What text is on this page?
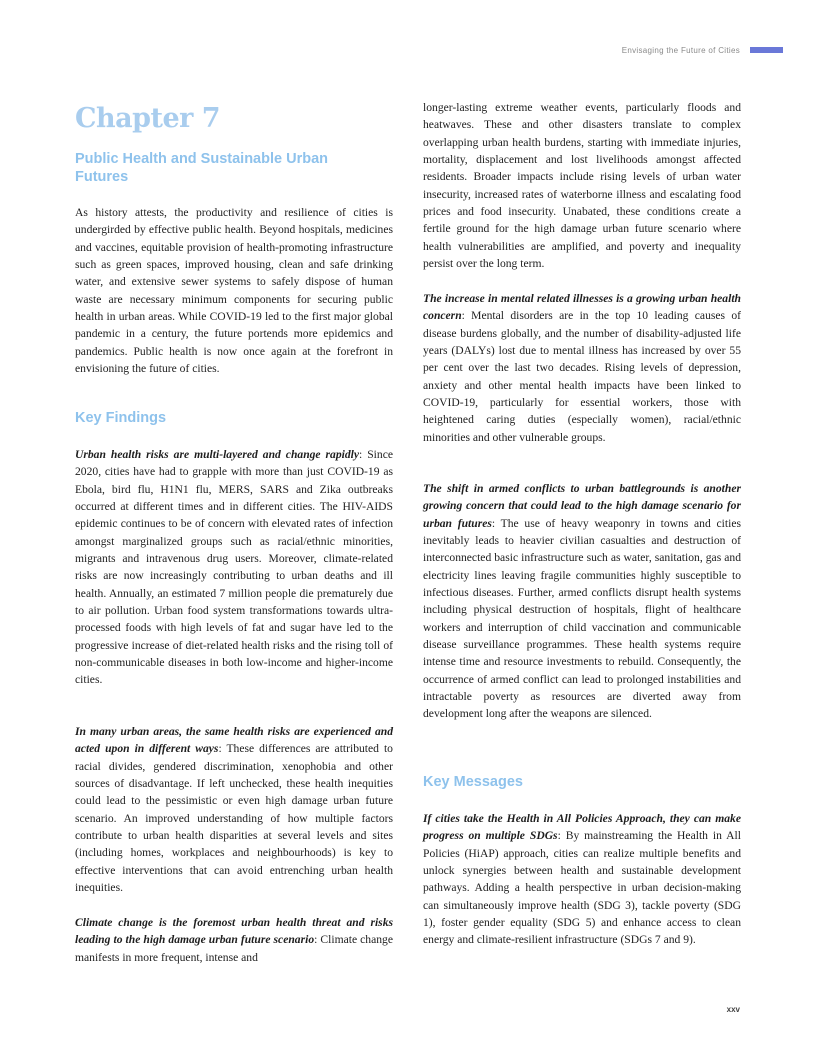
Envisaging the Future of Cities
Chapter 7
Public Health and Sustainable Urban Futures

As history attests, the productivity and resilience of cities is undergirded by effective public health. Beyond hospitals, medicines and vaccines, equitable provision of health-promoting infrastructure such as green spaces, improved housing, clean and safe drinking water, and extensive sewer systems to safely dispose of human waste are necessary minimum components for securing public health in urban areas. While COVID-19 led to the first major global pandemic in a century, the future portends more epidemics and pandemics. Public health is now once again at the forefront in envisioning the future of cities.

Key Findings

Urban health risks are multi-layered and change rapidly: Since 2020, cities have had to grapple with more than just COVID-19 as Ebola, bird flu, H1N1 flu, MERS, SARS and Zika outbreaks occurred at different times and in different cities. The HIV-AIDS epidemic continues to be of concern with elevated rates of infection amongst marginalized groups such as racial/ethnic minorities, migrants and intravenous drug users. Moreover, climate-related risks are now increasingly contributing to urban deaths and ill health. Annually, an estimated 7 million people die prematurely due to air pollution. Urban food system transformations towards ultra-processed foods with high levels of fat and sugar have led to the progressive increase of diet-related health risks and the rising toll of non-communicable diseases in both low-income and higher-income cities.

In many urban areas, the same health risks are experienced and acted upon in different ways: These differences are attributed to racial divides, gendered discrimination, xenophobia and other sources of disadvantage. If left unchecked, these health inequities could lead to the pessimistic or even high damage urban future scenario. An improved understanding of how multiple factors contribute to urban health disparities at several levels and sites (including homes, workplaces and neighbourhoods) is key to effective interventions that can avoid entrenching urban health inequities.

Climate change is the foremost urban health threat and risks leading to the high damage urban future scenario: Climate change manifests in more frequent, intense and

The increase in mental related illnesses is a growing urban health concern: Mental disorders are in the top 10 leading causes of disease burdens globally, and the number of disability-adjusted life years (DALYs) lost due to mental illness has increased by over 55 per cent over the last two decades. Rising levels of depression, anxiety and other mental health impacts have been linked to COVID-19, particularly for essential workers, those with heightened caring duties (especially women), racial/ethnic minorities and other vulnerable groups.

The shift in armed conflicts to urban battlegrounds is another growing concern that could lead to the high damage scenario for urban futures: The use of heavy weaponry in towns and cities inevitably leads to heavier civilian casualties and destruction of interconnected basic infrastructure such as water, sanitation, gas and electricity lines leaving fragile communities highly susceptible to infectious diseases. Further, armed conflicts disrupt health systems including physical destruction of hospitals, flight of healthcare workers and interruption of child vaccination and communicable disease surveillance programmes. These health systems require intense time and resource investments to rebuild. Consequently, the occurrence of armed conflict can lead to prolonged instabilities and intractable poverty as resources are diverted away from development long after the weapons are silenced.

Key Messages

If cities take the Health in All Policies Approach, they can make progress on multiple SDGs: By mainstreaming the Health in All Policies (HiAP) approach, cities can realize multiple benefits and unlock synergies between health and sustainable development pathways. Adding a health perspective in urban decision-making can simultaneously improve health (SDG 3), tackle poverty (SDG 1), foster gender equality (SDG 5) and enhance access to clean energy and climate-resilient infrastructure (SDGs 7 and 9).

xxv

longer-lasting extreme weather events, particularly floods and heatwaves. These and other disasters translate to complex overlapping urban health burdens, starting with immediate injuries, mortality, displacement and lost livelihoods amongst affected residents. Broader impacts include rising levels of urban water insecurity, increased rates of waterborne illness and escalating food prices and food insecurity. Unabated, these conditions create a fertile ground for the high damage urban future scenario where health vulnerabilities are amplified, and poverty and inequality persist over the long term.
